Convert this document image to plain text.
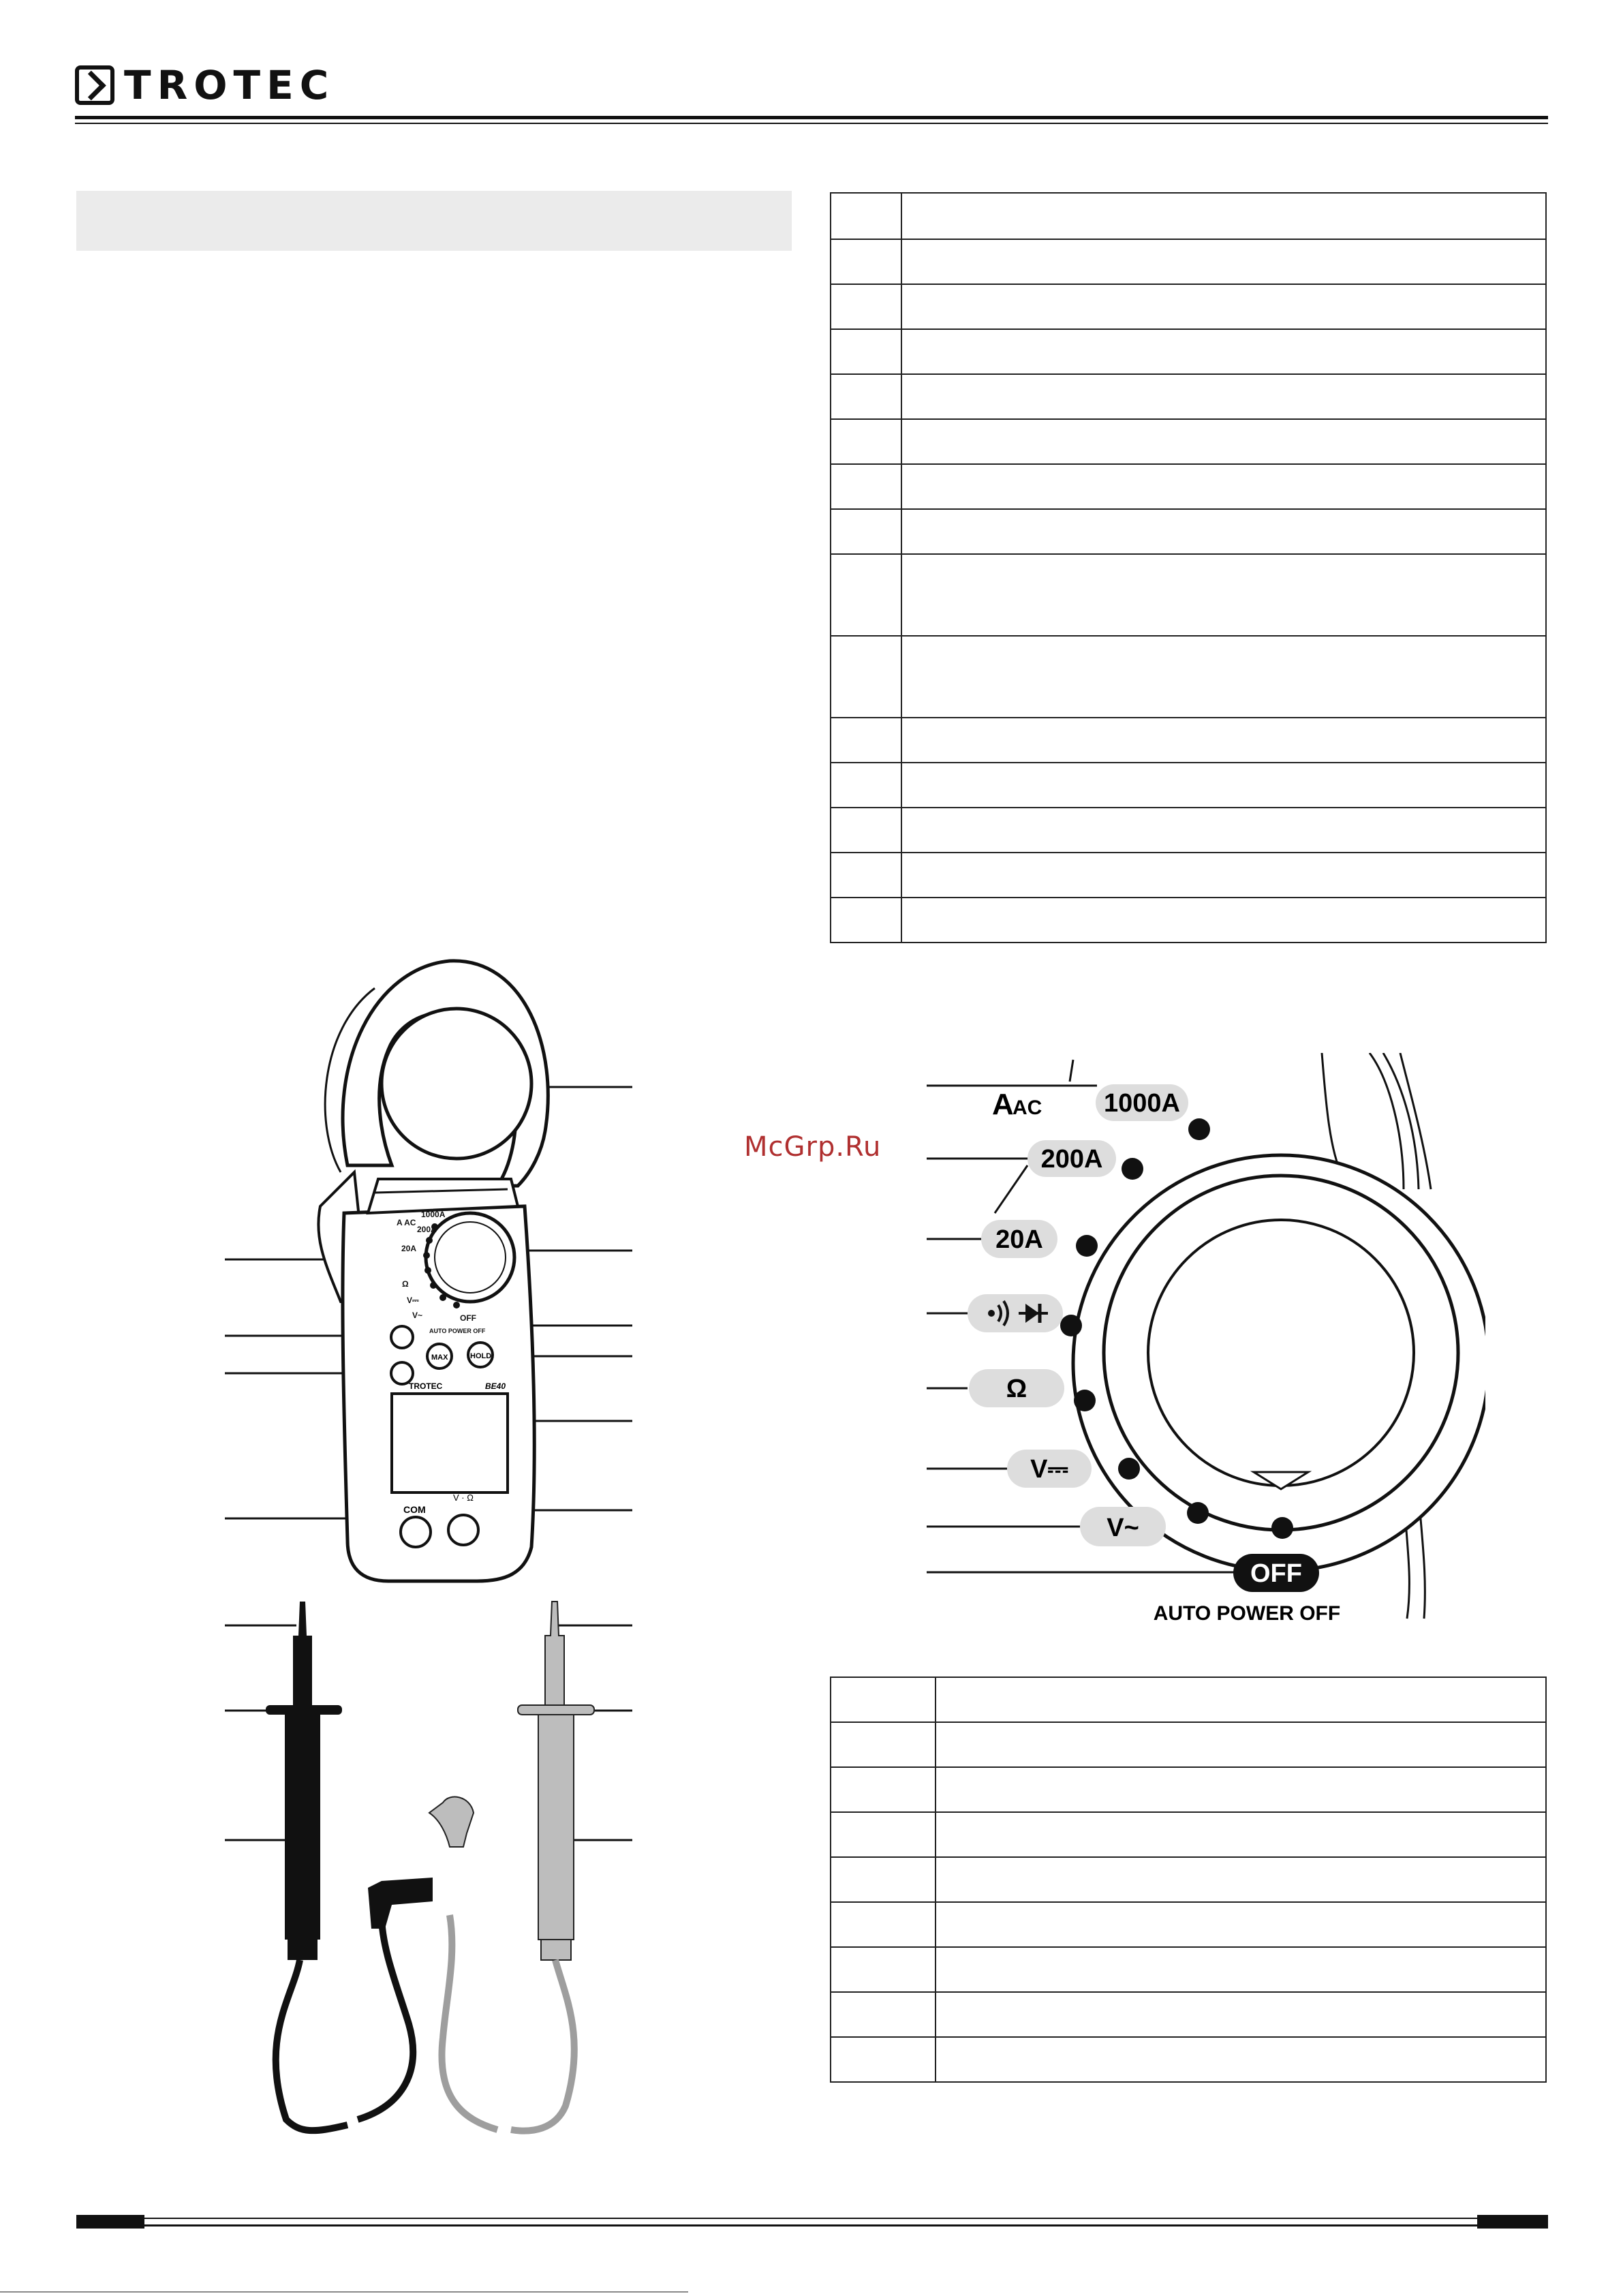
TROTEC

McGrp.Ru
A AC
1000A
200A
20A
Ω
V⎓
V~	OFF
AUTO POWER OFF
MAX	HOLD
TROTEC	BE40
COM
V · Ω
A
AC 1000A
200A
20A
Ω
V⎓
V~
OFF
AUTO POWER OFF
